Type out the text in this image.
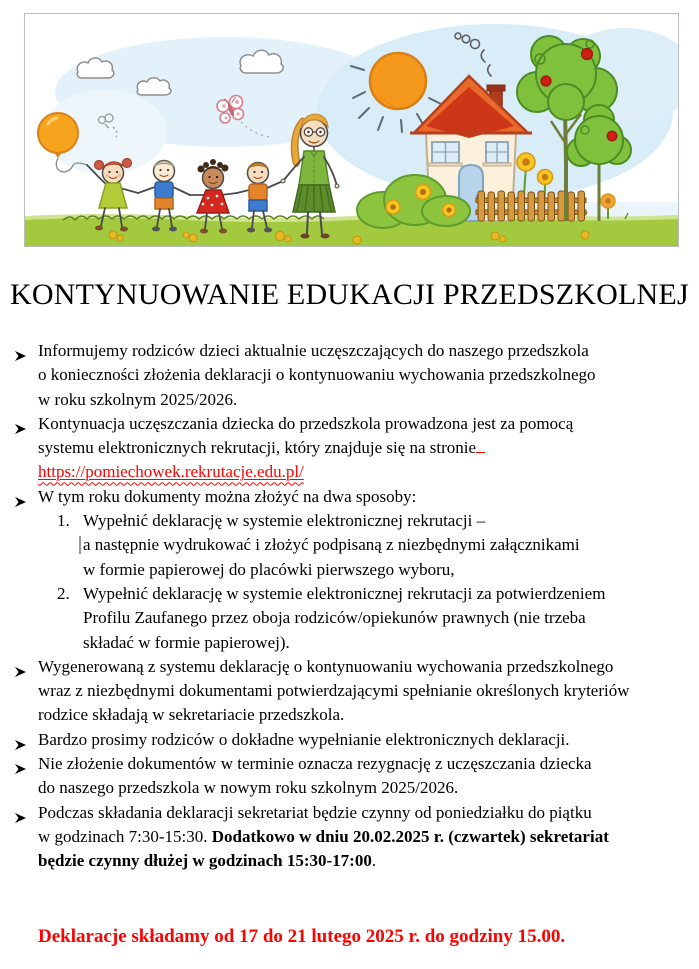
KONTYNUOWANIE EDUKACJI PRZEDSZKOLNEJ
Informujemy rodziców dzieci aktualnie uczęszczających do naszego przedszkola
o konieczności złożenia deklaracji o kontynuowaniu wychowania przedszkolnego
w roku szkolnym 2025/2026.
Kontynuacja uczęszczania dziecka do przedszkola prowadzona jest za pomocą
systemu elektronicznych rekrutacji, który znajduje się na stronie
https://pomiechowek.rekrutacje.edu.pl/
W tym roku dokumenty można złożyć na dwa sposoby:
1. Wypełnić deklarację w systemie elektronicznej rekrutacji –
a następnie wydrukować i złożyć podpisaną z niezbędnymi załącznikami
w formie papierowej do placówki pierwszego wyboru,
2. Wypełnić deklarację w systemie elektronicznej rekrutacji za potwierdzeniem
Profilu Zaufanego przez oboja rodziców/opiekunów prawnych (nie trzeba
składać w formie papierowej).
Wygenerowaną z systemu deklarację o kontynuowaniu wychowania przedszkolnego
wraz z niezbędnymi dokumentami potwierdzającymi spełnianie określonych kryteriów
rodzice składają w sekretariacie przedszkola.
Bardzo prosimy rodziców o dokładne wypełnianie elektronicznych deklaracji.
Nie złożenie dokumentów w terminie oznacza rezygnację z uczęszczania dziecka
do naszego przedszkola w nowym roku szkolnym 2025/2026.
Podczas składania deklaracji sekretariat będzie czynny od poniedziałku do piątku
w godzinach 7:30-15:30. Dodatkowo w dniu 20.02.2025 r. (czwartek) sekretariat
będzie czynny dłużej w godzinach 15:30-17:00.
Deklaracje składamy od 17 do 21 lutego 2025 r. do godziny 15.00.
